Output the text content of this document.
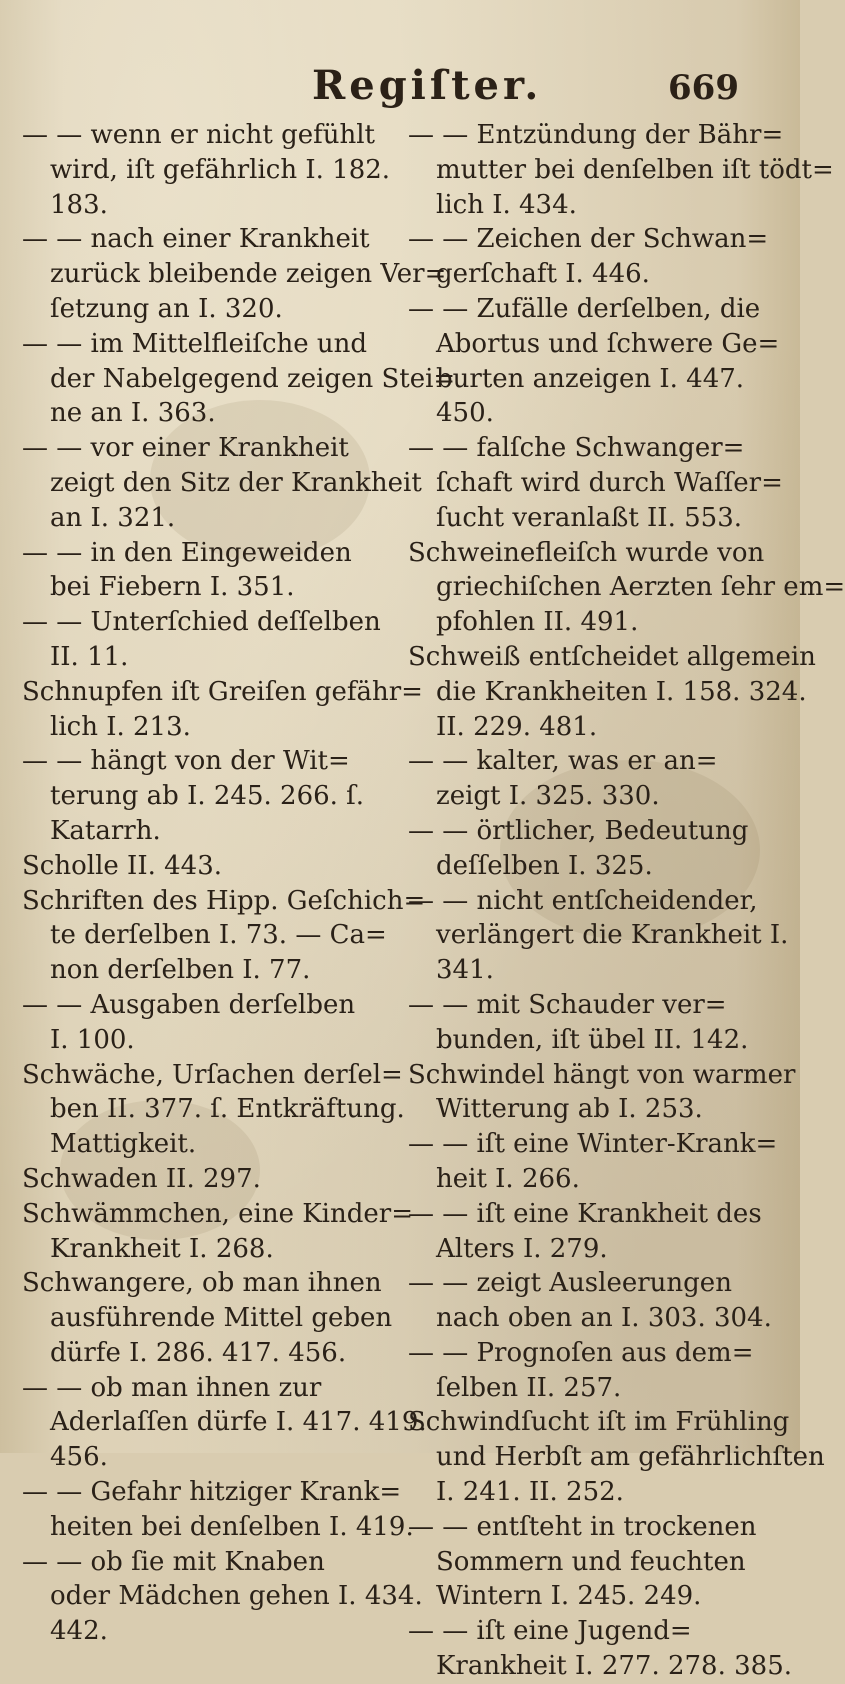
Regiſter.	669

— — wenn er nicht gefühlt

wird, iſt gefährlich I. 182.

183.

— — nach einer Krankheit

zurück bleibende zeigen Ver=

ſetzung an I. 320.

— — im Mittelfleiſche und

der Nabelgegend zeigen Stei=

ne an I. 363.

— — vor einer Krankheit

zeigt den Sitz der Krankheit

an I. 321.

— — in den Eingeweiden

bei Fiebern I. 351.

— — Unterſchied deſſelben

II. 11.

Schnupfen iſt Greiſen gefähr=

lich I. 213.

— — hängt von der Wit=

terung ab I. 245. 266. ſ.

Katarrh.

Scholle II. 443.

Schriften des Hipp. Geſchich=

te derſelben I. 73. — Ca=

non derſelben I. 77.

— — Ausgaben derſelben

I. 100.

Schwäche, Urſachen derſel=

ben II. 377. ſ. Entkräftung.

Mattigkeit.

Schwaden II. 297.

Schwämmchen, eine Kinder=

Krankheit I. 268.

Schwangere, ob man ihnen

ausführende Mittel geben

dürfe I. 286. 417. 456.

— — ob man ihnen zur

Aderlaſſen dürfe I. 417. 419.

456.

— — Gefahr hitziger Krank=

heiten bei denſelben I. 419.

— — ob ſie mit Knaben

oder Mädchen gehen I. 434.

442.

— — Entzündung der Bähr=

mutter bei denſelben iſt tödt=

lich I. 434.

— — Zeichen der Schwan=

gerſchaft I. 446.

— — Zufälle derſelben, die

Abortus und ſchwere Ge=

burten anzeigen I. 447.

450.

— — falſche Schwanger=

ſchaft wird durch Waſſer=

ſucht veranlaßt II. 553.

Schweinefleiſch wurde von

griechiſchen Aerzten ſehr em=

pfohlen II. 491.

Schweiß entſcheidet allgemein

die Krankheiten I. 158. 324.

II. 229. 481.

— — kalter, was er an=

zeigt I. 325. 330.

— — örtlicher, Bedeutung

deſſelben I. 325.

— — nicht entſcheidender,

verlängert die Krankheit I.

341.

— — mit Schauder ver=

bunden, iſt übel II. 142.

Schwindel hängt von warmer

Witterung ab I. 253.

— — iſt eine Winter-Krank=

heit I. 266.

— — iſt eine Krankheit des

Alters I. 279.

— — zeigt Ausleerungen

nach oben an I. 303. 304.

— — Prognoſen aus dem=

ſelben II. 257.

Schwindſucht iſt im Frühling

und Herbſt am gefährlichſten

I. 241. II. 252.

— — entſteht in trockenen

Sommern und feuchten

Wintern I. 245. 249.

— — iſt eine Jugend=

Krankheit I. 277. 278. 385.
